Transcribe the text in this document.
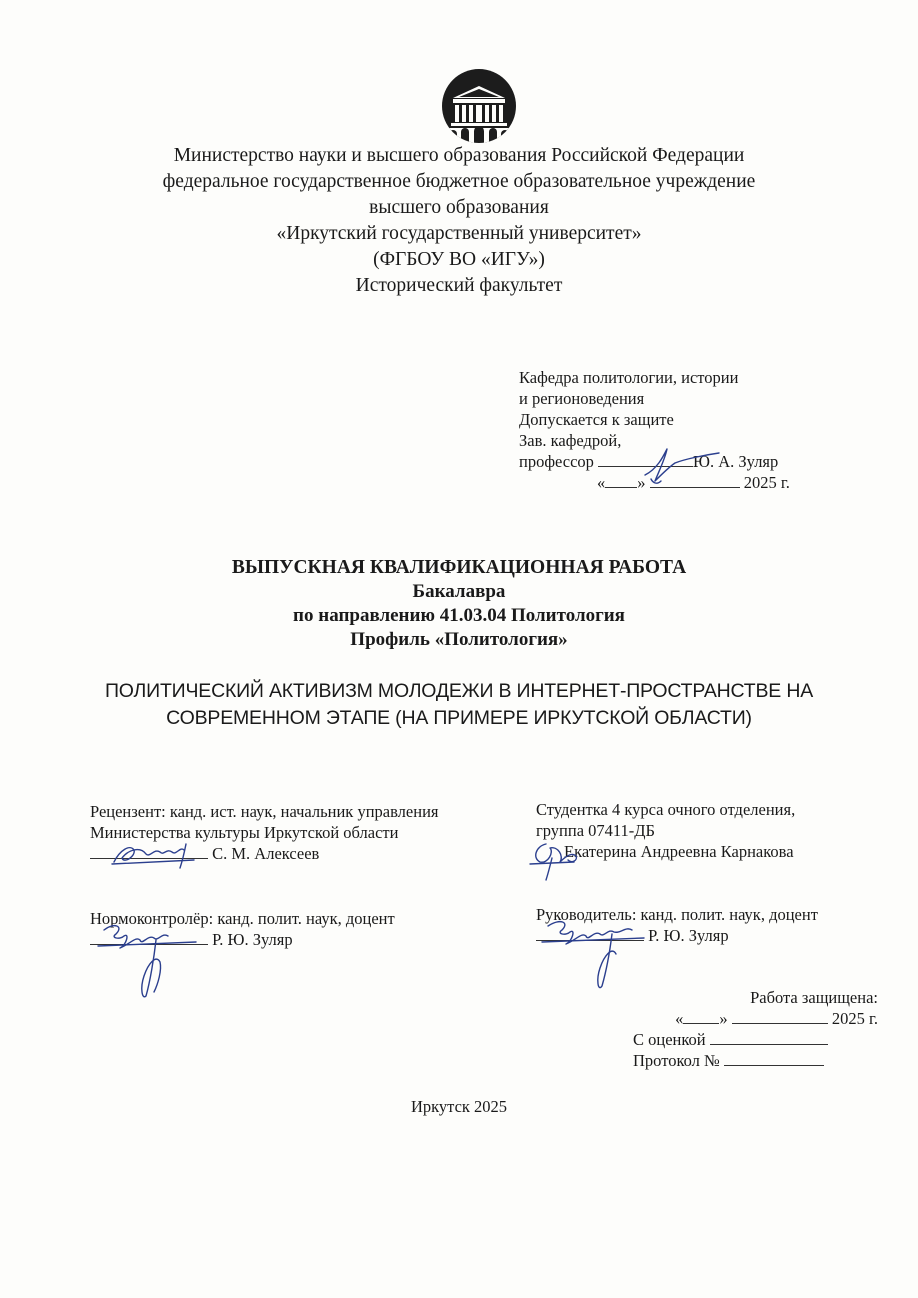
Министерство науки и высшего образования Российской Федерации
федеральное государственное бюджетное образовательное учреждение
высшего образования
«Иркутский государственный университет»
(ФГБОУ ВО «ИГУ»)
Исторический факультет
Кафедра политологии, истории
и регионоведения
Допускается к защите
Зав. кафедрой,
профессор	Ю. А. Зуляр
« »	2025 г.
ВЫПУСКНАЯ КВАЛИФИКАЦИОННАЯ РАБОТА
Бакалавра
по направлению 41.03.04 Политология
Профиль «Политология»
ПОЛИТИЧЕСКИЙ АКТИВИЗМ МОЛОДЕЖИ В ИНТЕРНЕТ-ПРОСТРАНСТВЕ НА
СОВРЕМЕННОМ ЭТАПЕ (НА ПРИМЕРЕ ИРКУТСКОЙ ОБЛАСТИ)
Рецензент: канд. ист. наук, начальник управления
Министерства культуры Иркутской области
С. М. Алексеев
Студентка 4 курса очного отделения,
группа 07411-ДБ
Екатерина Андреевна Карнакова
Нормоконтролёр: канд. полит. наук, доцент
Р. Ю. Зуляр
Руководитель: канд. полит. наук, доцент
Р. Ю. Зуляр
Работа защищена:
« »	2025 г.
С оценкой
Протокол №
Иркутск 2025
